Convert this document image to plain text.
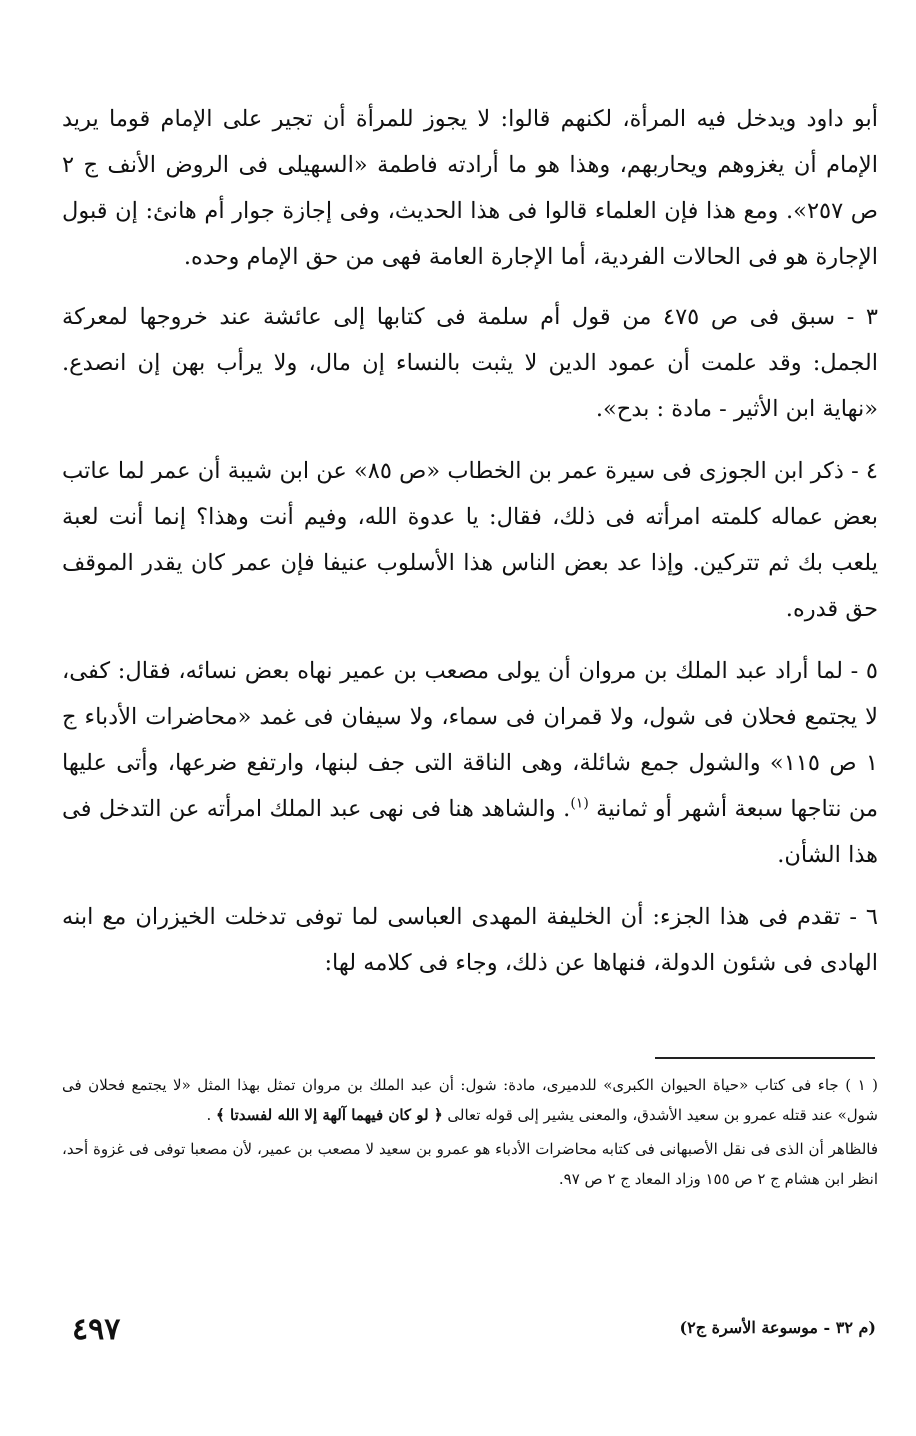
أبو داود ويدخل فيه المرأة، لكنهم قالوا: لا يجوز للمرأة أن تجير على الإمام قوما يريد الإمام أن يغزوهم ويحاربهم، وهذا هو ما أرادته فاطمة «السهيلى فى الروض الأنف ج ٢ ص ٢٥٧». ومع هذا فإن العلماء قالوا فى هذا الحديث، وفى إجازة جوار أم هانئ: إن قبول الإجارة هو فى الحالات الفردية، أما الإجارة العامة فهى من حق الإمام وحده.

٣ - سبق فى ص ٤٧٥ من قول أم سلمة فى كتابها إلى عائشة عند خروجها لمعركة الجمل: وقد علمت أن عمود الدين لا يثبت بالنساء إن مال، ولا يرأب بهن إن انصدع. «نهاية ابن الأثير - مادة : بدح».

٤ - ذكر ابن الجوزى فى سيرة عمر بن الخطاب «ص ٨٥» عن ابن شيبة أن عمر لما عاتب بعض عماله كلمته امرأته فى ذلك، فقال: يا عدوة الله، وفيم أنت وهذا؟ إنما أنت لعبة يلعب بك ثم تتركين. وإذا عد بعض الناس هذا الأسلوب عنيفا فإن عمر كان يقدر الموقف حق قدره.

٥ - لما أراد عبد الملك بن مروان أن يولى مصعب بن عمير نهاه بعض نسائه، فقال: كفى، لا يجتمع فحلان فى شول، ولا قمران فى سماء، ولا سيفان فى غمد «محاضرات الأدباء ج ١ ص ١١٥» والشول جمع شائلة، وهى الناقة التى جف لبنها، وارتفع ضرعها، وأتى عليها من نتاجها سبعة أشهر أو ثمانية $^{(١)}$. والشاهد هنا فى نهى عبد الملك امرأته عن التدخل فى هذا الشأن.

٦ - تقدم فى هذا الجزء: أن الخليفة المهدى العباسى لما توفى تدخلت الخيزران مع ابنه الهادى فى شئون الدولة، فنهاها عن ذلك، وجاء فى كلامه لها:

( ١ ) جاء فى كتاب «حياة الحيوان الكبرى» للدميرى، مادة: شول: أن عبد الملك بن مروان تمثل بهذا المثل «لا يجتمع فحلان فى شول» عند قتله عمرو بن سعيد الأشدق، والمعنى يشير إلى قوله تعالى ﴿ لو كان فيهما آلهة إلا الله لفسدتا ﴾ .

فالظاهر أن الذى فى نقل الأصبهانى فى كتابه محاضرات الأدباء هو عمرو بن سعيد لا مصعب بن عمير، لأن مصعبا توفى فى غزوة أحد، انظر ابن هشام ج ٢ ص ١٥٥ وزاد المعاد ج ٢ ص ٩٧.

٤٩٧	(م ٣٢ - موسوعة الأسرة ج٢)
